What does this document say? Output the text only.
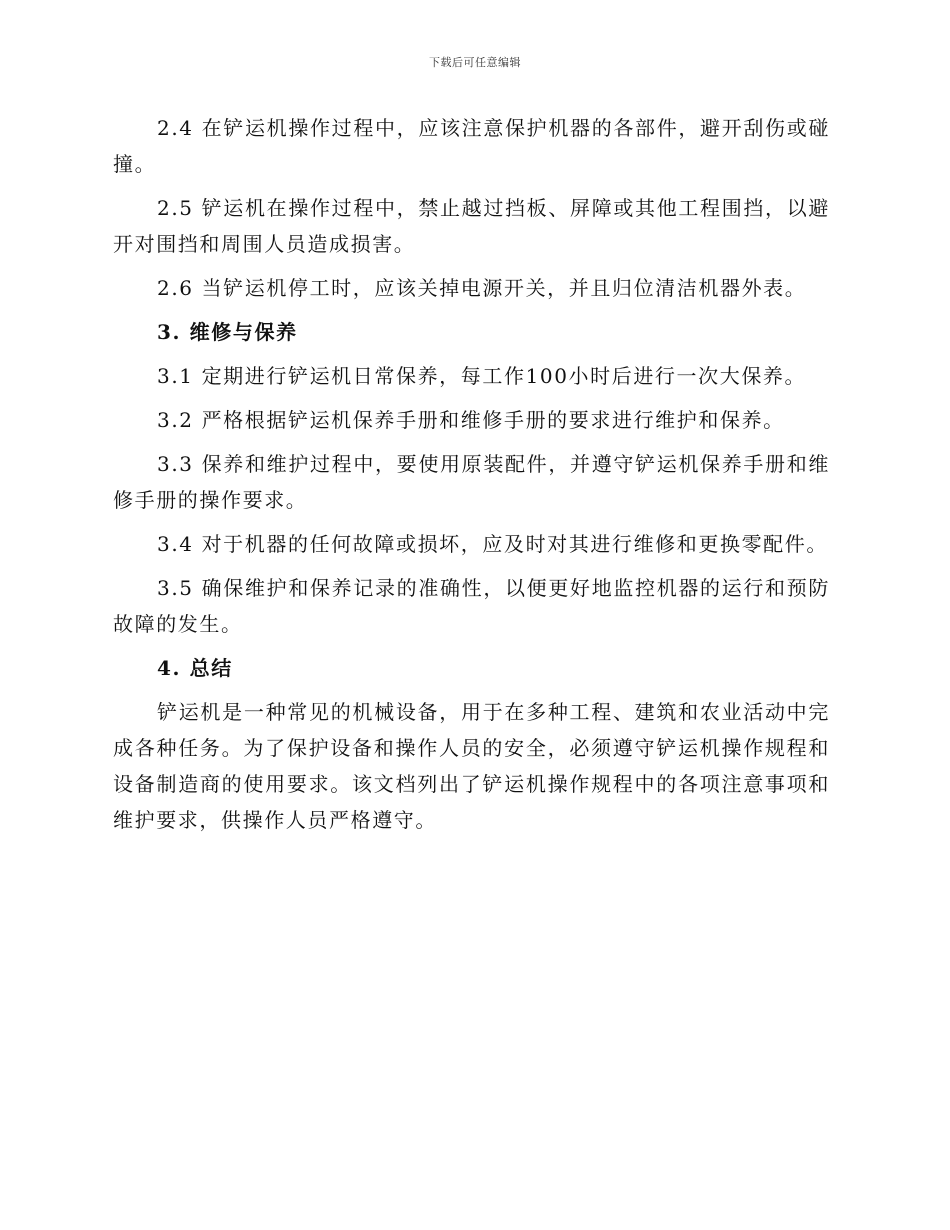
下载后可任意编辑

2.4 在铲运机操作过程中，应该注意保护机器的各部件，避开刮伤或碰撞。

2.5 铲运机在操作过程中，禁止越过挡板、屏障或其他工程围挡，以避开对围挡和周围人员造成损害。

2.6 当铲运机停工时，应该关掉电源开关，并且归位清洁机器外表。

3. 维修与保养

3.1 定期进行铲运机日常保养，每工作100小时后进行一次大保养。

3.2 严格根据铲运机保养手册和维修手册的要求进行维护和保养。

3.3 保养和维护过程中，要使用原装配件，并遵守铲运机保养手册和维修手册的操作要求。

3.4 对于机器的任何故障或损坏，应及时对其进行维修和更换零配件。

3.5 确保维护和保养记录的准确性，以便更好地监控机器的运行和预防故障的发生。

4. 总结

铲运机是一种常见的机械设备，用于在多种工程、建筑和农业活动中完成各种任务。为了保护设备和操作人员的安全，必须遵守铲运机操作规程和设备制造商的使用要求。该文档列出了铲运机操作规程中的各项注意事项和维护要求，供操作人员严格遵守。
